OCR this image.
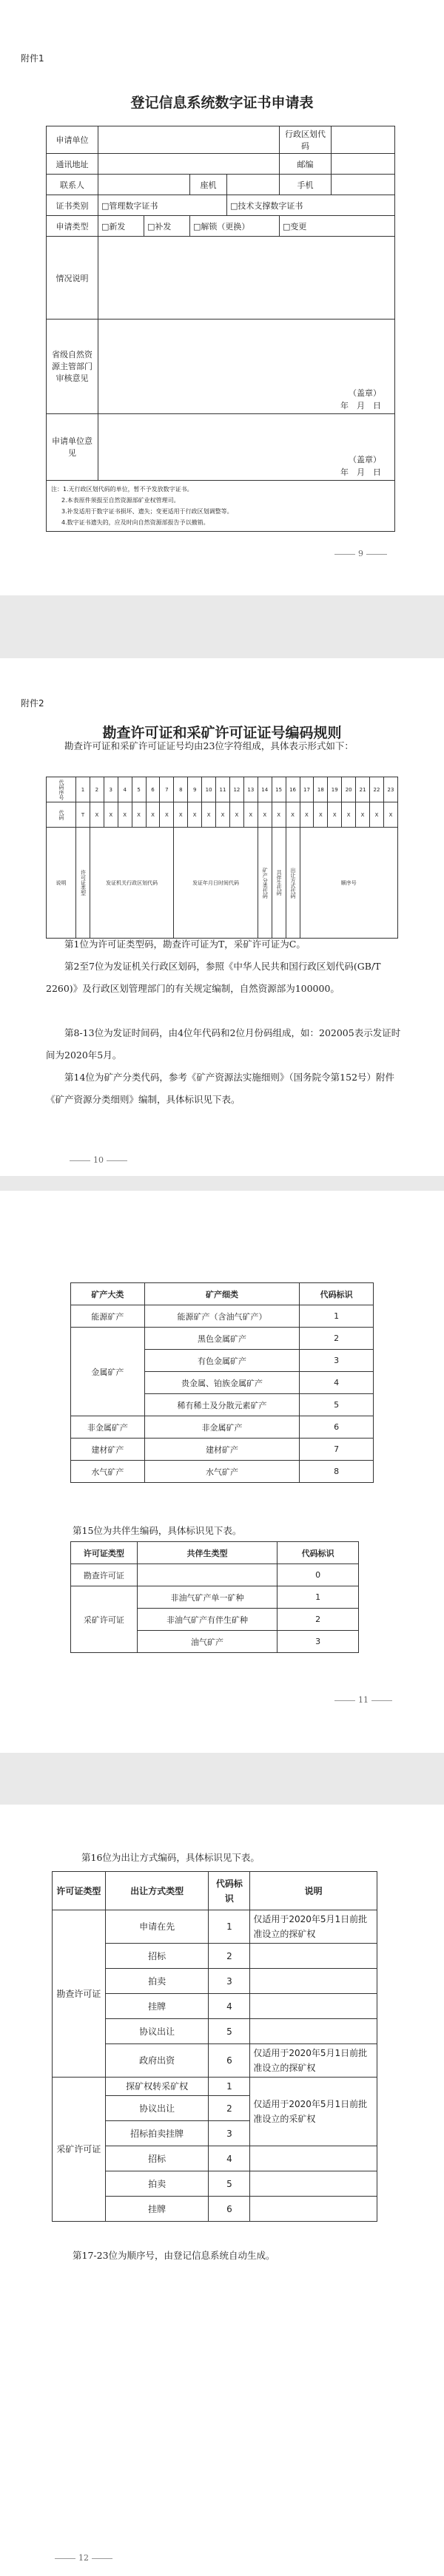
附件1
登记信息系统数字证书申请表
申请单位					行政区划代码	
通讯地址					邮编	
联系人			座机		手机	
证书类别	□管理数字证书			□技术支撑数字证书		
申请类型	□新发	□补发	□解锁（更换）		□变更	
情况说明						
省级自然资源主管部门审核意见	（盖章）
年　月　日					

申请单位意见	（盖章）
年　月　日					

注：1.无行政区划代码的单位，暂不予发放数字证书。
2.本表原件须报至自然资源部矿业权管理司。
3.补发适用于数字证书损坏、遗失；变更适用于行政区划调整等。
4.数字证书遗失的，应及时向自然资源部报告予以撤销。						
9
附件2
勘查许可证和采矿许可证证号编码规则
勘查许可证和采矿许可证证号均由23位字符组成，具体表示形式如下：
代码序号	1	2	3	4	5	6	7	8	9	10	11	12	13	14	15	16	17	18	19	20	21	22	23
代码	T	X	X	X	X	X	X	X	X	X	X	X	X	X	X	X	X	X	X	X	X	X	X
说明	许可证类型	发证机关行政区划代码						发证年月日时间代码						矿产分类代码	共伴生代码	出让方式代码	顺序号						
第1位为许可证类型码，勘查许可证为T，采矿许可证为C。
第2至7位为发证机关行政区划码，参照《中华人民共和国行政区划代码(GB/T 2260)》及行政区划管理部门的有关规定编制，自然资源部为100000。
第8-13位为发证时间码，由4位年代码和2位月份码组成，如：202005表示发证时间为2020年5月。
第14位为矿产分类代码，参考《矿产资源法实施细则》（国务院令第152号）附件《矿产资源分类细则》编制，具体标识见下表。
10
矿产大类	矿产细类	代码标识
能源矿产	能源矿产（含油气矿产）	1
金属矿产	黑色金属矿产	2
	有色金属矿产	3
	贵金属、铂族金属矿产	4
	稀有稀土及分散元素矿产	5
非金属矿产	非金属矿产	6
建材矿产	建材矿产	7
水气矿产	水气矿产	8
第15位为共伴生编码，具体标识见下表。
许可证类型	共伴生类型	代码标识
勘查许可证		0
采矿许可证	非油气矿产单一矿种	1
	非油气矿产有伴生矿种	2
	油气矿产	3
11
第16位为出让方式编码，具体标识见下表。
许可证类型	出让方式类型	代码标识	说明
勘查许可证	申请在先	1	仅适用于2020年5月1日前批准设立的探矿权
	招标	2	
	拍卖	3	
	挂牌	4	
	协议出让	5	
	政府出资	6	仅适用于2020年5月1日前批准设立的探矿权
采矿许可证	探矿权转采矿权	1	仅适用于2020年5月1日前批准设立的采矿权
	协议出让	2	
	招标拍卖挂牌	3	
	招标	4	
	拍卖	5	
	挂牌	6	
第17-23位为顺序号，由登记信息系统自动生成。
12
